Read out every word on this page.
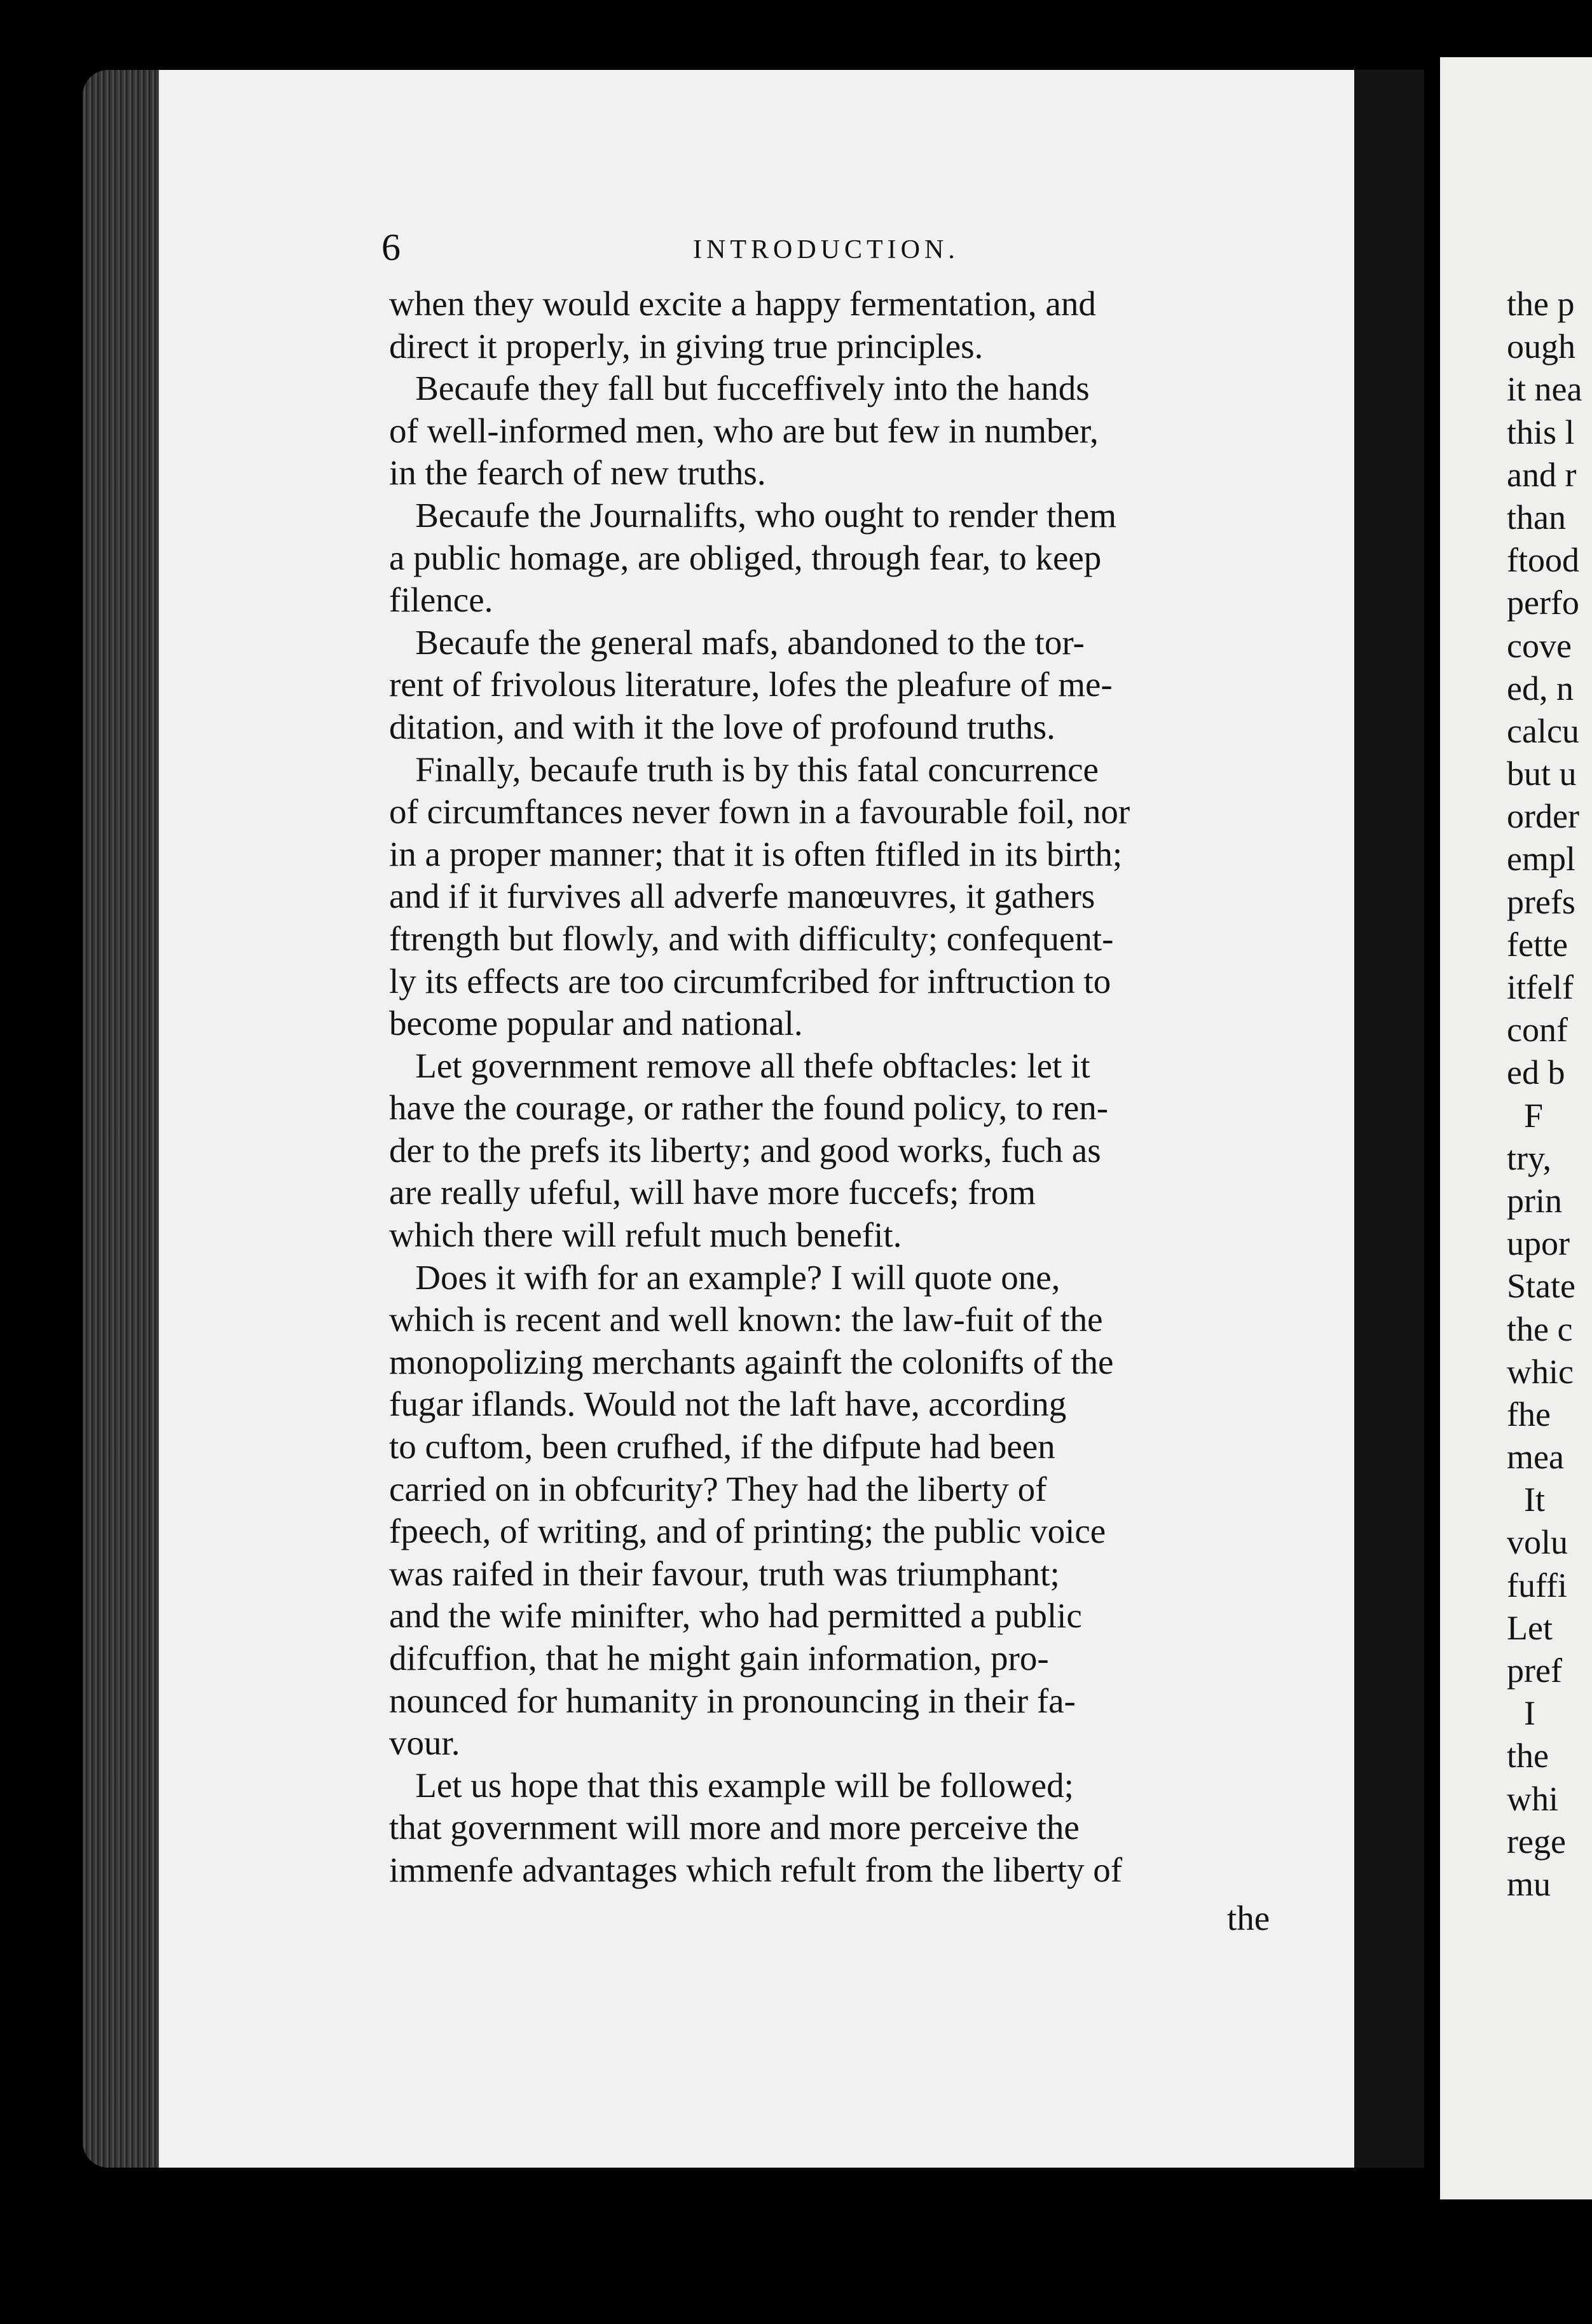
6	INTRODUCTION.
when they would excite a happy fermentation, and
direct it properly, in giving true principles.
Becaufe they fall but fucceffively into the hands
of well-informed men, who are but few in number,
in the fearch of new truths.
Becaufe the Journalifts, who ought to render them
a public homage, are obliged, through fear, to keep
filence.
Becaufe the general mafs, abandoned to the tor-
rent of frivolous literature, lofes the pleafure of me-
ditation, and with it the love of profound truths.
Finally, becaufe truth is by this fatal concurrence
of circumftances never fown in a favourable foil, nor
in a proper manner; that it is often ftifled in its birth;
and if it furvives all adverfe manœuvres, it gathers
ftrength but flowly, and with difficulty; confequent-
ly its effects are too circumfcribed for inftruction to
become popular and national.
Let government remove all thefe obftacles: let it
have the courage, or rather the found policy, to ren-
der to the prefs its liberty; and good works, fuch as
are really ufeful, will have more fuccefs; from
which there will refult much benefit.
Does it wifh for an example? I will quote one,
which is recent and well known: the law-fuit of the
monopolizing merchants againft the colonifts of the
fugar iflands. Would not the laft have, according
to cuftom, been crufhed, if the difpute had been
carried on in obfcurity? They had the liberty of
fpeech, of writing, and of printing; the public voice
was raifed in their favour, truth was triumphant;
and the wife minifter, who had permitted a public
difcuffion, that he might gain information, pro-
nounced for humanity in pronouncing in their fa-
vour.
Let us hope that this example will be followed;
that government will more and more perceive the
immenfe advantages which refult from the liberty of
the
the p
ough
it nea
this l
and r
than
ftood
perfo
cove
ed, n
calcu
but u
order
empl
prefs
fette
itfelf
conf
ed b
F
try,
prin
upor
State
the c
whic
fhe
mea
It
volu
fuffi
Let
pref
I
the
whi
rege
mu
